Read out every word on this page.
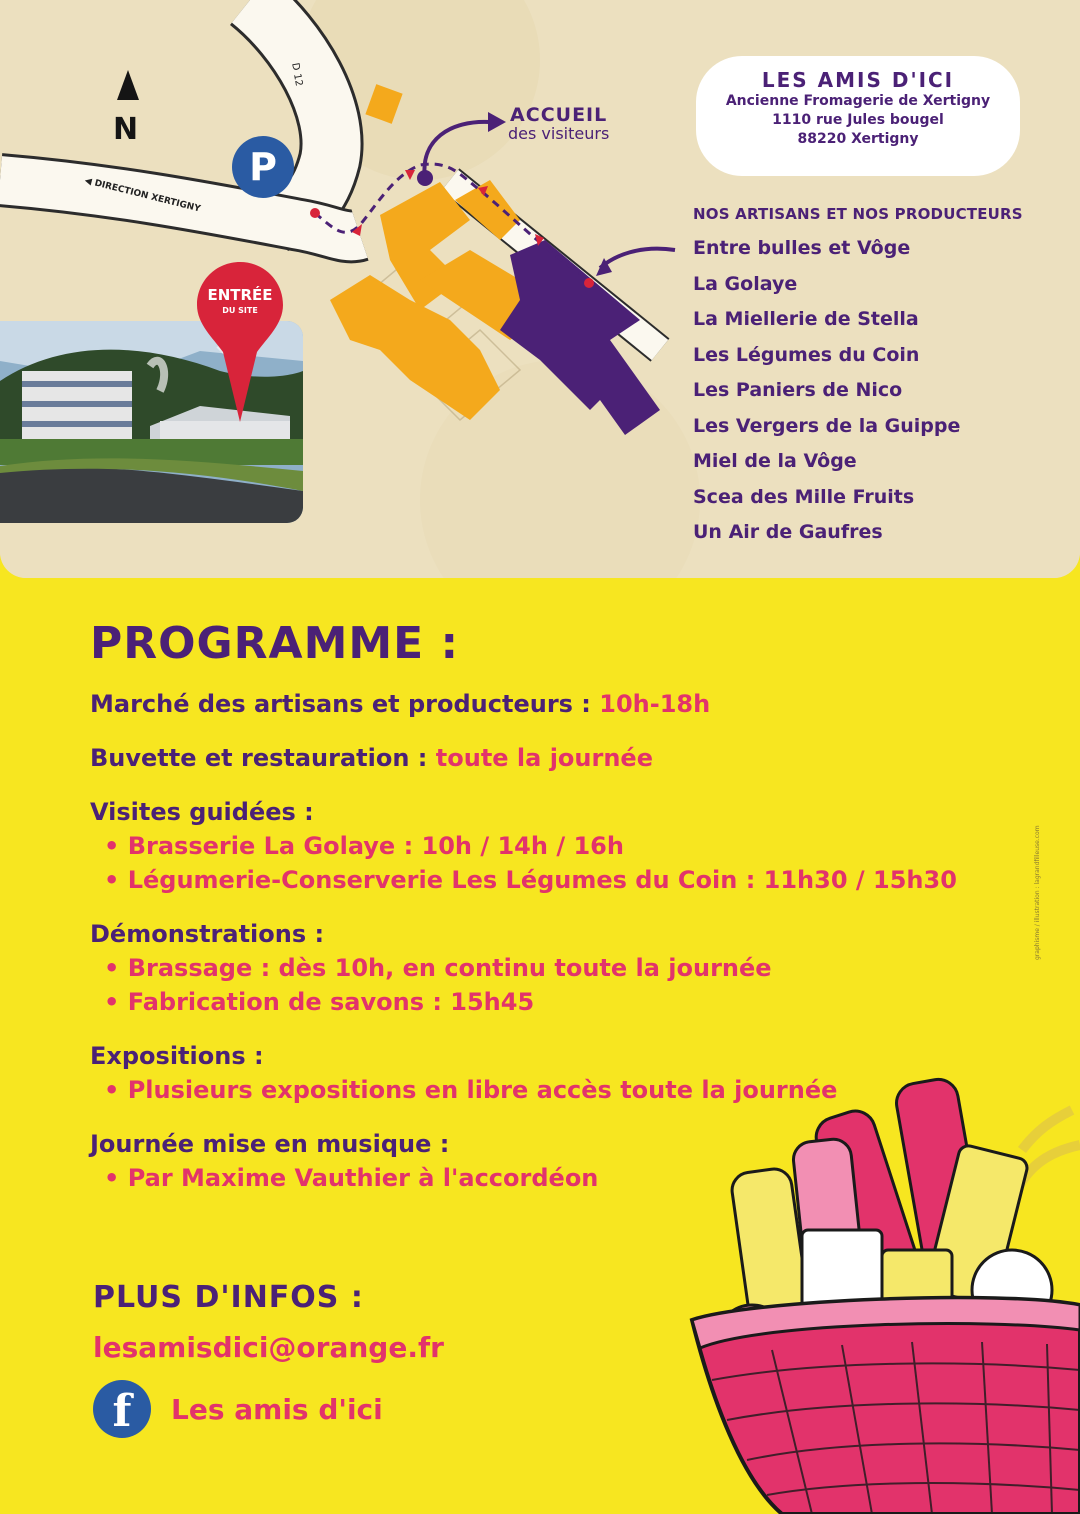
N
D 12
◀ DIRECTION XERTIGNY
P
ACCUEIL
des visiteurs
ENTRÉE
DU SITE
LES AMIS D'ICI
Ancienne Fromagerie de Xertigny
1110 rue Jules bougel
88220 Xertigny
NOS ARTISANS ET NOS PRODUCTEURS
Entre bulles et Vôge
La Golaye
La Miellerie de Stella
Les Légumes du Coin
Les Paniers de Nico
Les Vergers de la Guippe
Miel de la Vôge
Scea des Mille Fruits
Un Air de Gaufres
PROGRAMME :
Marché des artisans et producteurs : 10h-18h
Buvette et restauration : toute la journée
Visites guidées :
• Brasserie La Golaye : 10h / 14h / 16h
• Légumerie-Conserverie Les Légumes du Coin : 11h30 / 15h30
Démonstrations :
• Brassage : dès 10h, en continu toute la journée
• Fabrication de savons : 15h45
Expositions :
• Plusieurs expositions en libre accès toute la journée
Journée mise en musique :
• Par Maxime Vauthier à l'accordéon
PLUS D'INFOS :
lesamisdici@orange.fr
f	Les amis d'ici
graphisme / illustration : lagrandfilleuse.com
